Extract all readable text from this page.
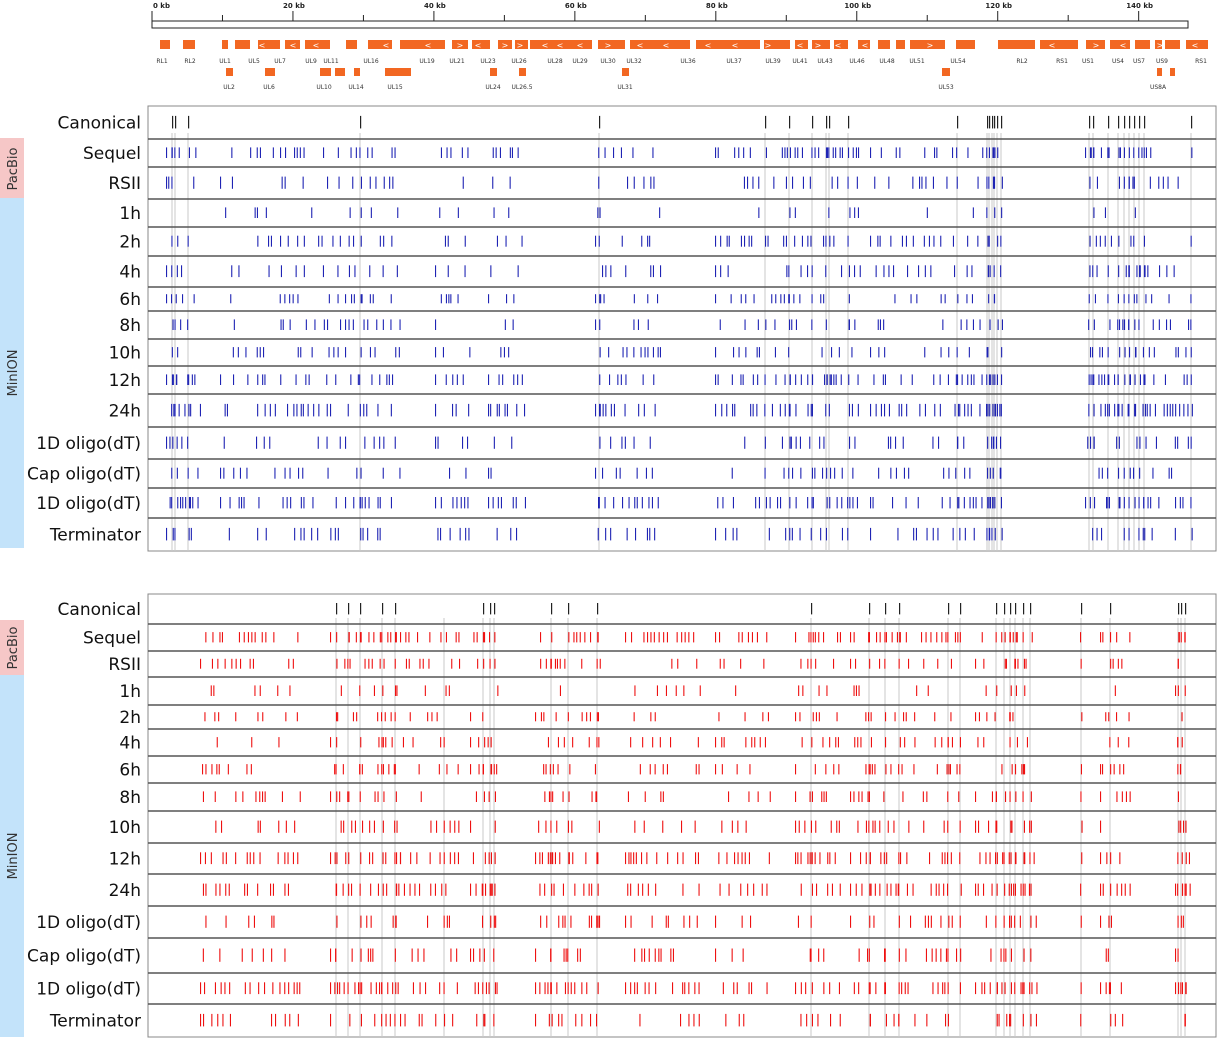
0 kb	20 kb	40 kb	60 kb	80 kb	100 kb	120 kb	140 kb
<	< <	<	<	> <	> > < < <	>	< <	<	<	>	< > <	<	>	<	>	<	>	<
RL1	RL2	UL1	UL5 UL7	UL9 UL11	UL16	UL19 UL21	UL23	UL26	UL28 UL29 UL30 UL32	UL36	UL37	UL39 UL41 UL43	UL46 UL48 UL51	UL54	RL2	RS1 US1	US4 US7 US9	RS1
UL2	UL6	UL10	UL14	UL15	UL24 UL26.5	UL31	UL53	US8A
PacBio
MinION
PacBio
MinION
Canonical
Sequel
RSII
1h
2h
4h
6h
8h
10h
12h
24h
1D oligo(dT)
Cap oligo(dT)
1D oligo(dT)
Terminator
Canonical
Sequel
RSII
1h
2h
4h
6h
8h
10h
12h
24h
1D oligo(dT)
Cap oligo(dT)
1D oligo(dT)
Terminator
